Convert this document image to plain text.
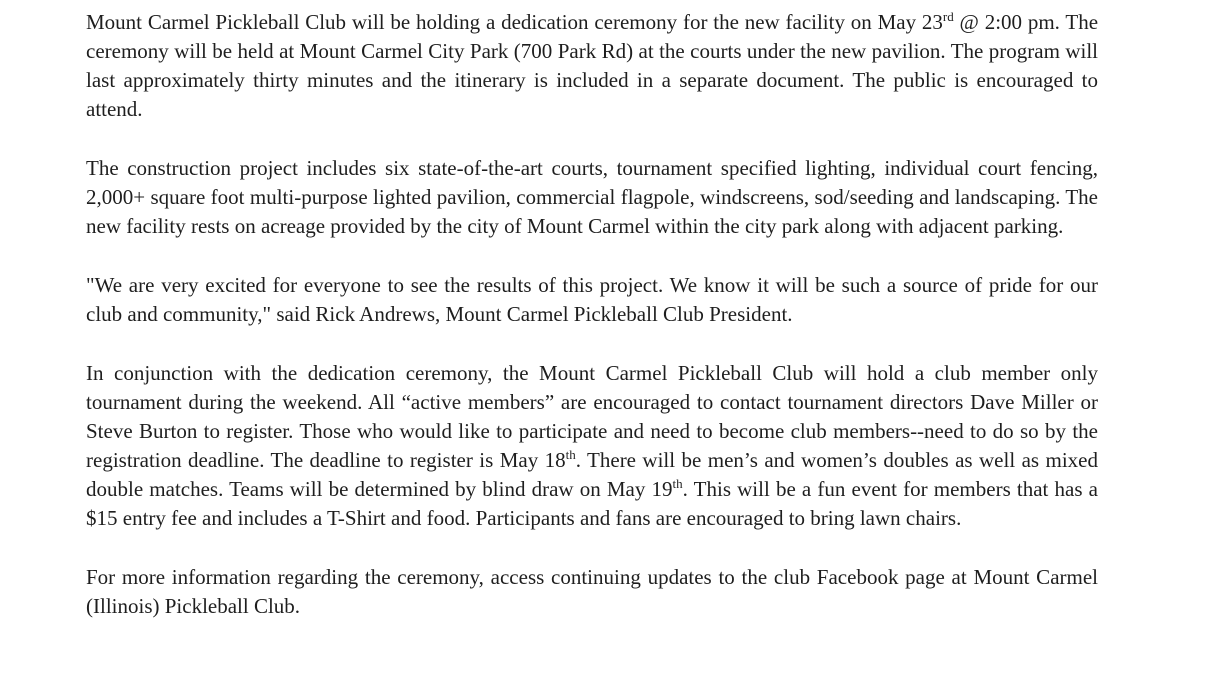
Mount Carmel Pickleball Club will be holding a dedication ceremony for the new facility on May 23rd @ 2:00 pm. The ceremony will be held at Mount Carmel City Park (700 Park Rd) at the courts under the new pavilion. The program will last approximately thirty minutes and the itinerary is included in a separate document. The public is encouraged to attend.

The construction project includes six state-of-the-art courts, tournament specified lighting, individual court fencing, 2,000+ square foot multi-purpose lighted pavilion, commercial flagpole, windscreens, sod/seeding and landscaping. The new facility rests on acreage provided by the city of Mount Carmel within the city park along with adjacent parking.

"We are very excited for everyone to see the results of this project. We know it will be such a source of pride for our club and community," said Rick Andrews, Mount Carmel Pickleball Club President.

In conjunction with the dedication ceremony, the Mount Carmel Pickleball Club will hold a club member only tournament during the weekend. All “active members” are encouraged to contact tournament directors Dave Miller or Steve Burton to register. Those who would like to participate and need to become club members--need to do so by the registration deadline. The deadline to register is May 18th. There will be men’s and women’s doubles as well as mixed double matches. Teams will be determined by blind draw on May 19th. This will be a fun event for members that has a $15 entry fee and includes a T-Shirt and food. Participants and fans are encouraged to bring lawn chairs.

For more information regarding the ceremony, access continuing updates to the club Facebook page at Mount Carmel (Illinois) Pickleball Club.
